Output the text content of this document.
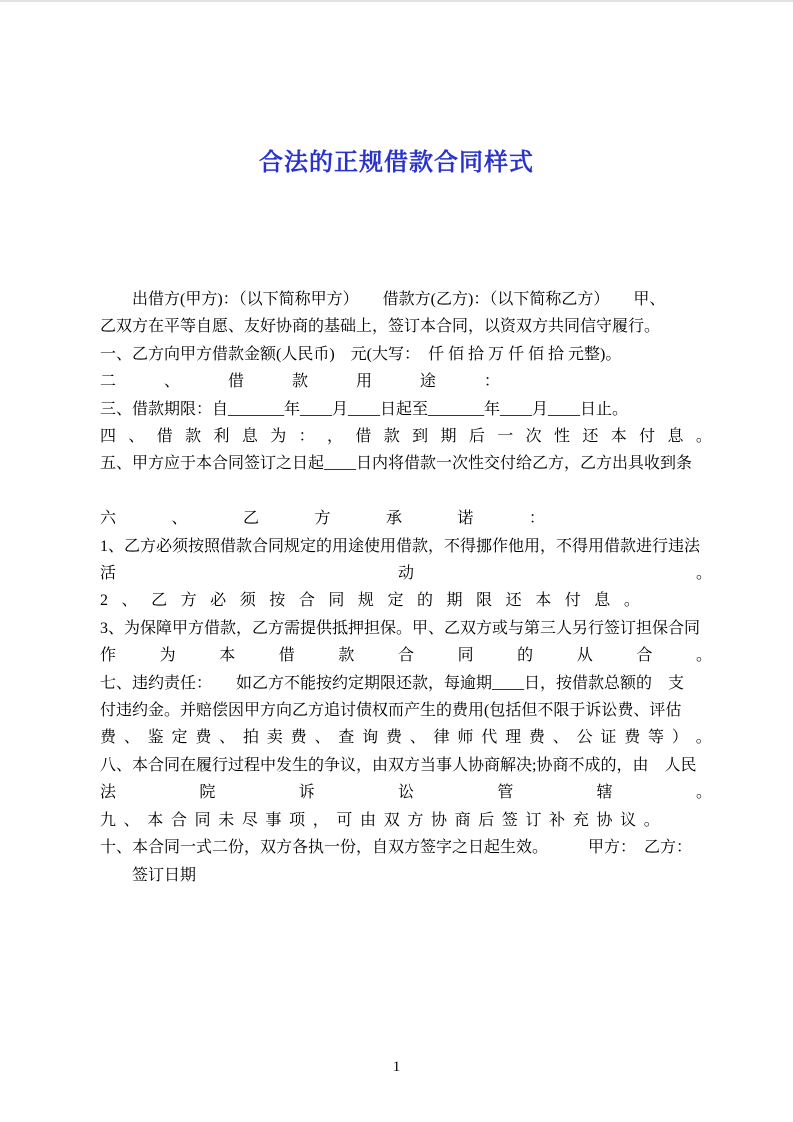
合法的正规借款合同样式
出借方(甲方)：（以下简称甲方）　　借款方(乙方)：（以下简称乙方）　　甲、
乙双方在平等自愿、友好协商的基础上，签订本合同，以资双方共同信守履行。
一、乙方向甲方借款金额(人民币)　元(大写：　仟 佰 拾 万 仟 佰 拾 元整)。
二	、	借	款	用	途	：
三、借款期限：自_______年____月____日起至_______年____月____日止。
四 、 借 款 利 息 为 ： ， 借 款 到 期 后 一 次 性 还 本 付 息 。
五、甲方应于本合同签订之日起____日内将借款一次性交付给乙方，乙方出具收到条
六	、	乙	方	承	诺	：
1、乙方必须按照借款合同规定的用途使用借款，不得挪作他用，不得用借款进行违法
活	动	。
2 、 乙 方 必 须 按 合 同 规 定 的 期 限 还 本 付 息 。
3、为保障甲方借款，乙方需提供抵押担保。甲、乙双方或与第三人另行签订担保合同
作	为	本	借	款	合	同	的	从	合	。
七、违约责任：　　如乙方不能按约定期限还款，每逾期____日，按借款总额的　支
付违约金。并赔偿因甲方向乙方追讨债权而产生的费用(包括但不限于诉讼费、评估
费 、 鉴 定 费 、 拍 卖 费 、 查 询 费 、 律 师 代 理 费 、 公 证 费 等 ） 。
八、本合同在履行过程中发生的争议，由双方当事人协商解决;协商不成的，由　人民
法	院	诉	讼	管	辖	。
九 、 本 合 同 未 尽 事 项 ， 可 由 双 方 协 商 后 签 订 补 充 协 议 。
十、本合同一式二份，双方各执一份，自双方签字之日起生效。　　　甲方：　乙方：
签订日期
1
